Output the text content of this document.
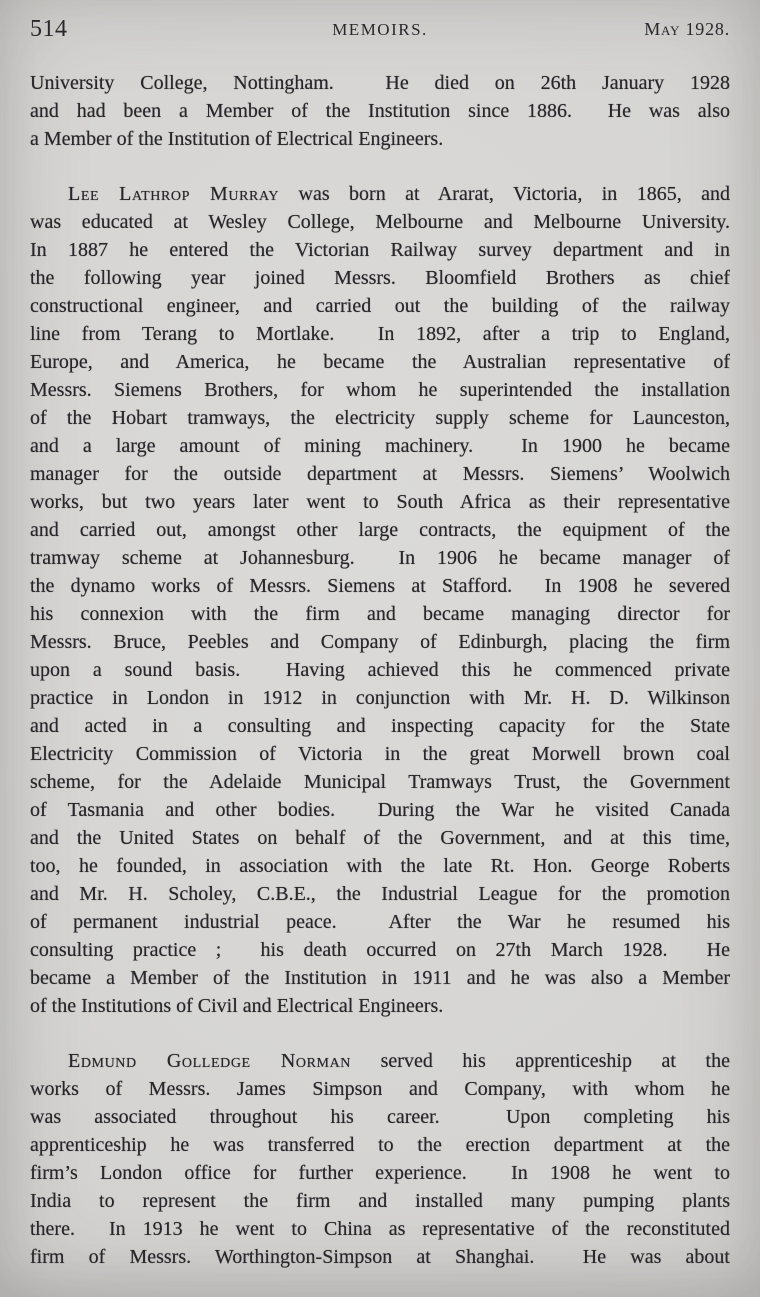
514	MEMOIRS.	May 1928.
University College, Nottingham.  He died on 26th January 1928
and had been a Member of the Institution since 1886.  He was also
a Member of the Institution of Electrical Engineers.
Lee Lathrop Murray was born at Ararat, Victoria, in 1865, and
was educated at Wesley College, Melbourne and Melbourne University.
In 1887 he entered the Victorian Railway survey department and in
the following year joined Messrs. Bloomfield Brothers as chief
constructional engineer, and carried out the building of the railway
line from Terang to Mortlake.  In 1892, after a trip to England,
Europe, and America, he became the Australian representative of
Messrs. Siemens Brothers, for whom he superintended the installation
of the Hobart tramways, the electricity supply scheme for Launceston,
and a large amount of mining machinery.  In 1900 he became
manager for the outside department at Messrs. Siemens’ Woolwich
works, but two years later went to South Africa as their representative
and carried out, amongst other large contracts, the equipment of the
tramway scheme at Johannesburg.  In 1906 he became manager of
the dynamo works of Messrs. Siemens at Stafford.  In 1908 he severed
his connexion with the firm and became managing director for
Messrs. Bruce, Peebles and Company of Edinburgh, placing the firm
upon a sound basis.  Having achieved this he commenced private
practice in London in 1912 in conjunction with Mr. H. D. Wilkinson
and acted in a consulting and inspecting capacity for the State
Electricity Commission of Victoria in the great Morwell brown coal
scheme, for the Adelaide Municipal Tramways Trust, the Government
of Tasmania and other bodies.  During the War he visited Canada
and the United States on behalf of the Government, and at this time,
too, he founded, in association with the late Rt. Hon. George Roberts
and Mr. H. Scholey, C.B.E., the Industrial League for the promotion
of permanent industrial peace.  After the War he resumed his
consulting practice ;  his death occurred on 27th March 1928.  He
became a Member of the Institution in 1911 and he was also a Member
of the Institutions of Civil and Electrical Engineers.
Edmund Golledge Norman served his apprenticeship at the
works of Messrs. James Simpson and Company, with whom he
was associated throughout his career.  Upon completing his
apprenticeship he was transferred to the erection department at the
firm’s London office for further experience.  In 1908 he went to
India to represent the firm and installed many pumping plants
there.  In 1913 he went to China as representative of the reconstituted
firm of Messrs. Worthington-Simpson at Shanghai.  He was about
